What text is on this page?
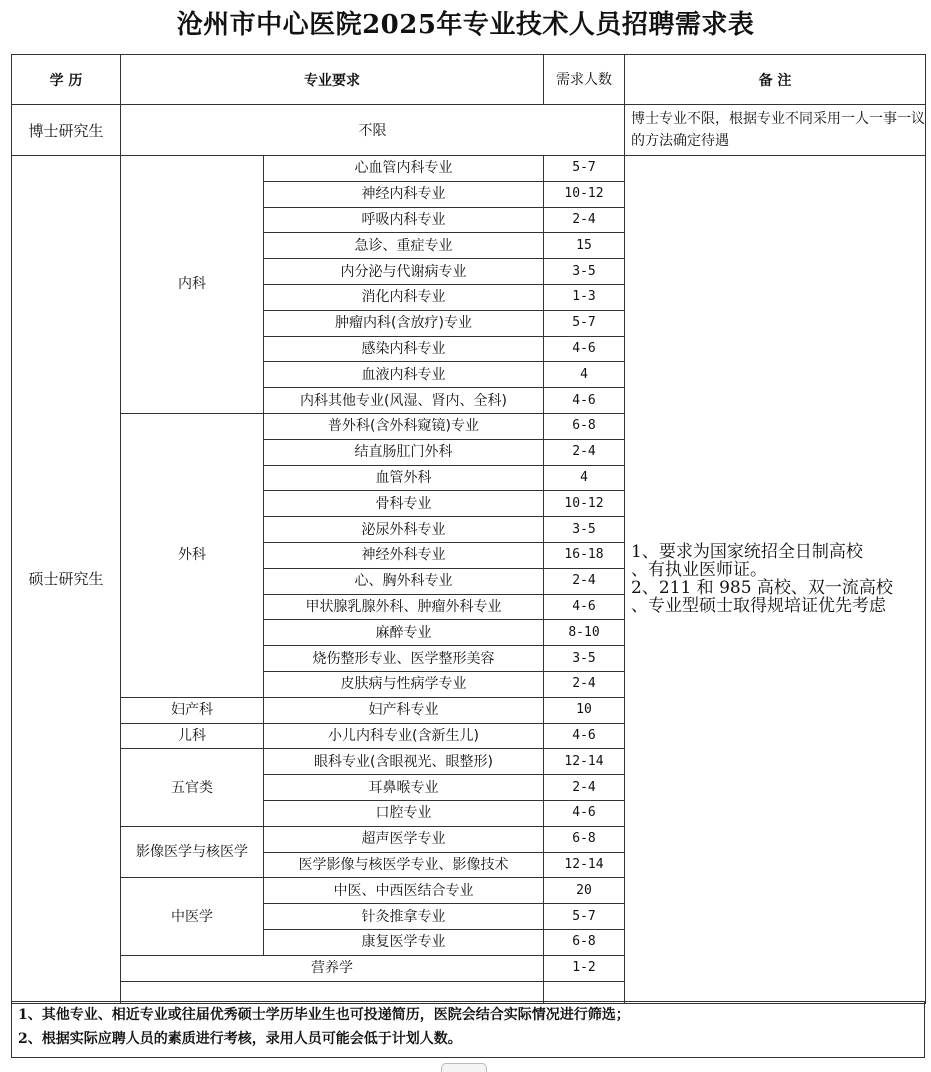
沧州市中心医院2025年专业技术人员招聘需求表
学 历	专业要求		需求人数	备 注
博士研究生	不限			博士专业不限，根据专业不同采用一人一事一议的方法确定待遇
硕士研究生	内科	心血管内科专业	5-7	1、要求为国家统招全日制高校
、有执业医师证。
2、211 和 985 高校、双一流高校
、专业型硕士取得规培证优先考虑

		神经内科专业	10-12	
		呼吸内科专业	2-4	
		急诊、重症专业	15	
		内分泌与代谢病专业	3-5	
		消化内科专业	1-3	
		肿瘤内科(含放疗)专业	5-7	
		感染内科专业	4-6	
		血液内科专业	4	
		内科其他专业(风湿、肾内、全科)	4-6	
	外科	普外科(含外科窥镜)专业	6-8	
		结直肠肛门外科	2-4	
		血管外科	4	
		骨科专业	10-12	
		泌尿外科专业	3-5	
		神经外科专业	16-18	
		心、胸外科专业	2-4	
		甲状腺乳腺外科、肿瘤外科专业	4-6	
		麻醉专业	8-10	
		烧伤整形专业、医学整形美容	3-5	
		皮肤病与性病学专业	2-4	
	妇产科	妇产科专业	10	
	儿科	小儿内科专业(含新生儿)	4-6	
	五官类	眼科专业(含眼视光、眼整形)	12-14	
		耳鼻喉专业	2-4	
		口腔专业	4-6	
	影像医学与核医学	超声医学专业	6-8	
		医学影像与核医学专业、影像技术	12-14	
	中医学	中医、中西医结合专业	20	
		针灸推拿专业	5-7	
		康复医学专业	6-8	
	营养学		1-2	

1、其他专业、相近专业或往届优秀硕士学历毕业生也可投递简历，医院会结合实际情况进行筛选；
2、根据实际应聘人员的素质进行考核，录用人员可能会低于计划人数。
